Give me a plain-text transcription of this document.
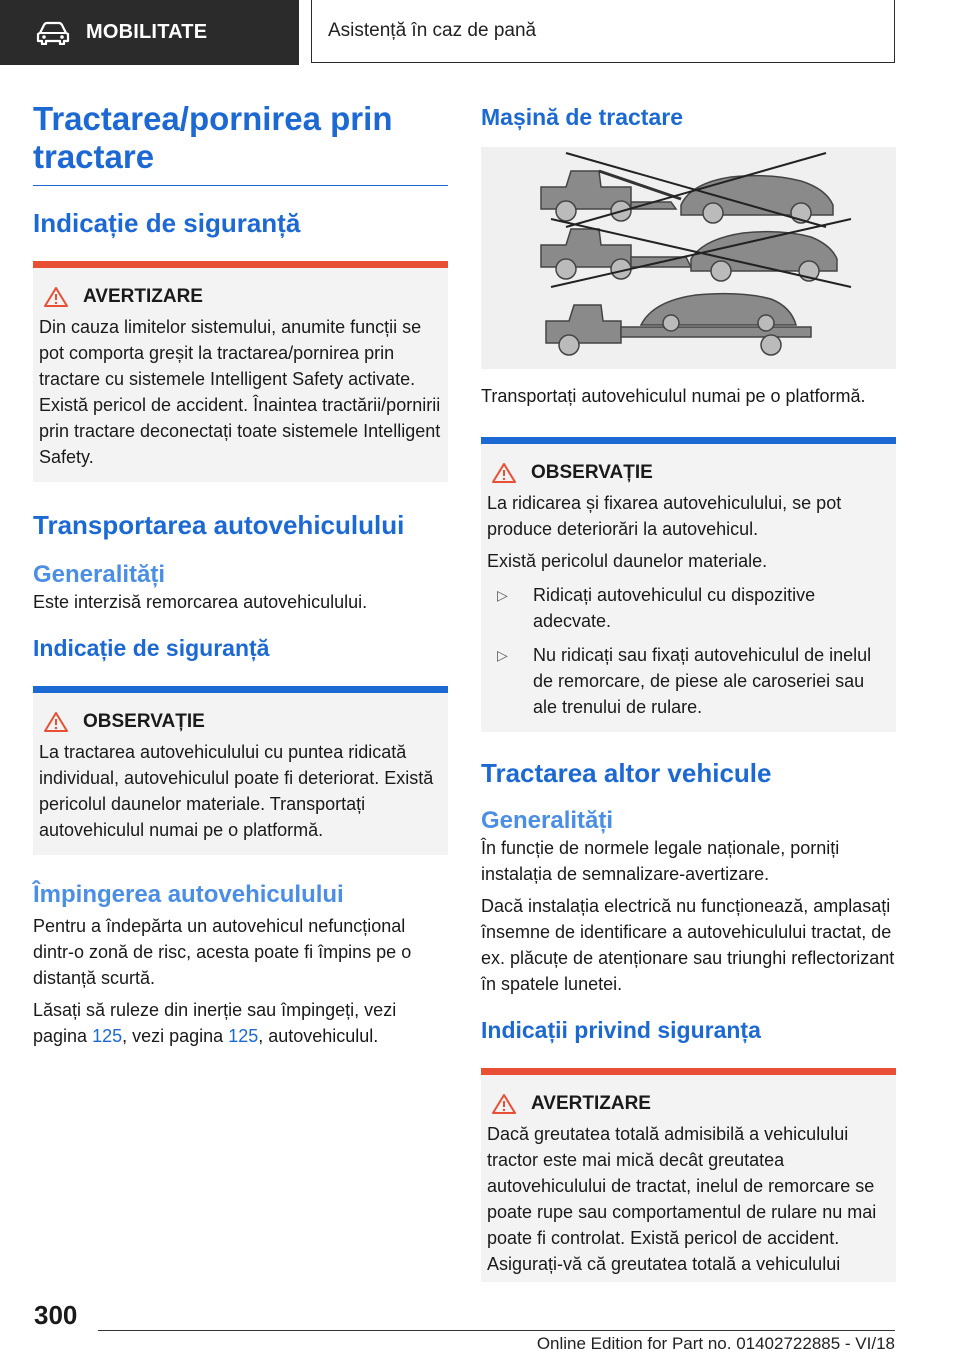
MOBILITATE	Asistență în caz de pană
Tractarea/pornirea prin tractare
Indicație de siguranță
AVERTIZARE

Din cauza limitelor sistemului, anumite funcții se pot comporta greșit la tractarea/pornirea prin tractare cu sistemele Intelligent Safety activate. Există pericol de accident. Înaintea tractării/pornirii prin tractare deconectați toate sistemele Intelligent Safety.

Transportarea autovehiculului
Generalități

Este interzisă remorcarea autovehiculului.

Indicație de siguranță
OBSERVAȚIE

La tractarea autovehiculului cu puntea ridicată individual, autovehiculul poate fi deteriorat. Există pericolul daunelor materiale. Transportați autovehiculul numai pe o platformă.

Împingerea autovehiculului

Pentru a îndepărta un autovehicul nefuncțional dintr-o zonă de risc, acesta poate fi împins pe o distanță scurtă.

Lăsați să ruleze din inerție sau împingeți, vezi pagina 125, vezi pagina 125, autovehiculul.

Mașină de tractare

Transportați autovehiculul numai pe o platformă.

OBSERVAȚIE

La ridicarea și fixarea autovehiculului, se pot produce deteriorări la autovehicul.

Există pericolul daunelor materiale.

▷	Ridicați autovehiculul cu dispozitive adecvate.
▷	Nu ridicați sau fixați autovehiculul de inelul de remorcare, de piese ale caroseriei sau ale trenului de rulare.
Tractarea altor vehicule
Generalități

În funcție de normele legale naționale, porniți instalația de semnalizare-avertizare.

Dacă instalația electrică nu funcționează, amplasați însemne de identificare a autovehiculului tractat, de ex. plăcuțe de atenționare sau triunghi reflectorizant în spatele lunetei.

Indicații privind siguranța
AVERTIZARE

Dacă greutatea totală admisibilă a vehiculului tractor este mai mică decât greutatea autovehiculului de tractat, inelul de remorcare se poate rupe sau comportamentul de rulare nu mai poate fi controlat. Există pericol de accident. Asigurați-vă că greutatea totală a vehiculului

300
Online Edition for Part no. 01402722885 - VI/18
